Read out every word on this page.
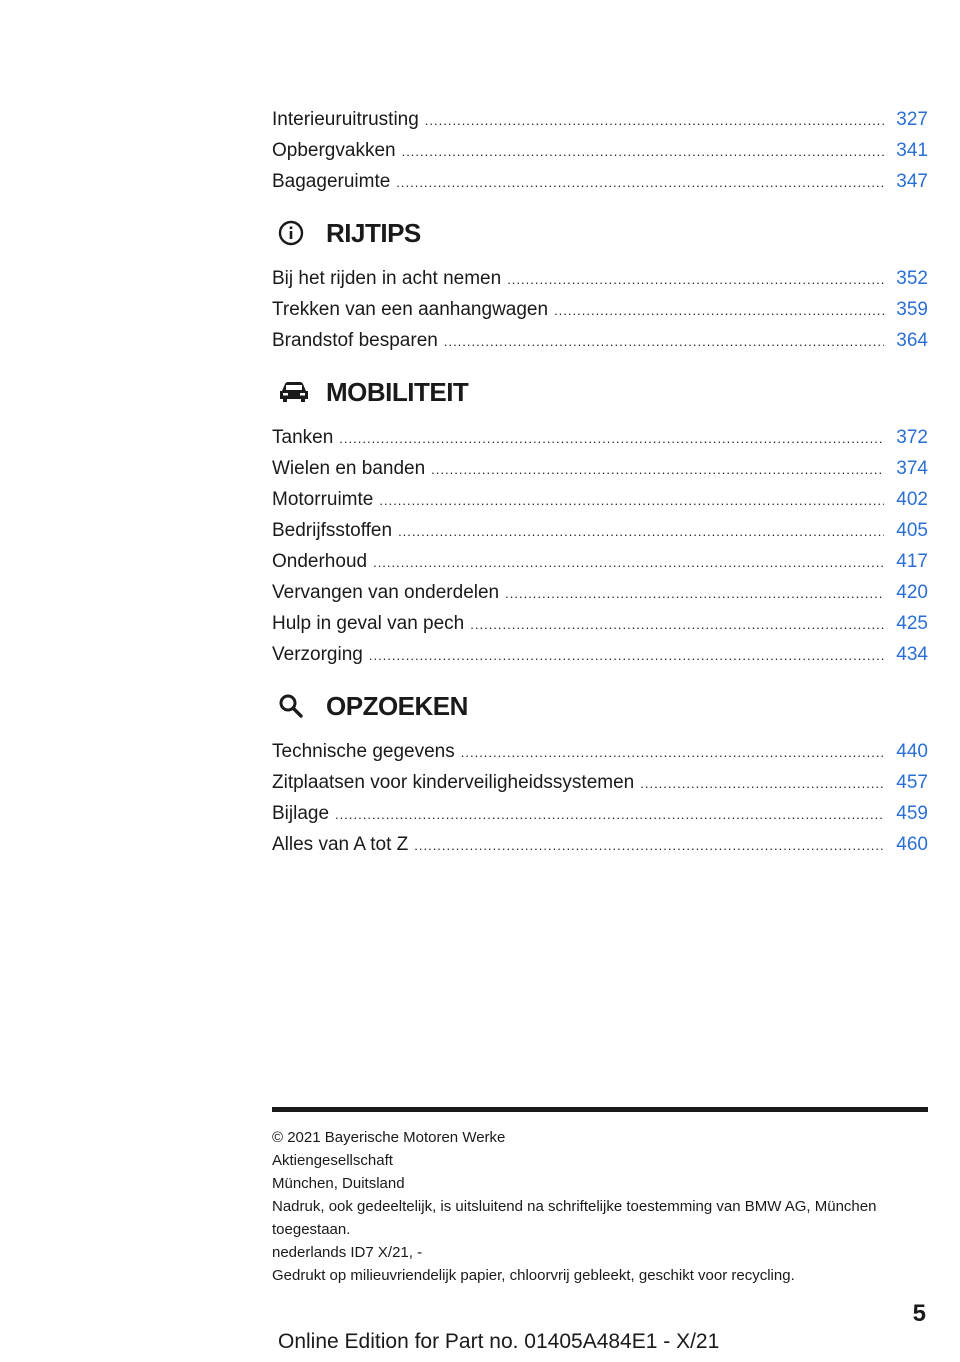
Interieuruitrusting .....	327
Opbergvakken .....	341
Bagageruimte .....	347
RIJTIPS
Bij het rijden in acht nemen .....	352
Trekken van een aanhangwagen .....	359
Brandstof besparen .....	364
MOBILITEIT
Tanken .....	372
Wielen en banden .....	374
Motorruimte .....	402
Bedrijfsstoffen .....	405
Onderhoud .....	417
Vervangen van onderdelen .....	420
Hulp in geval van pech .....	425
Verzorging .....	434
OPZOEKEN
Technische gegevens .....	440
Zitplaatsen voor kinderveiligheidssystemen .....	457
Bijlage .....	459
Alles van A tot Z .....	460
© 2021 Bayerische Motoren Werke
Aktiengesellschaft
München, Duitsland
Nadruk, ook gedeeltelijk, is uitsluitend na schriftelijke toestemming van BMW AG, München toegestaan.
nederlands ID7 X/21, -
Gedrukt op milieuvriendelijk papier, chloorvrij gebleekt, geschikt voor recycling.
5
Online Edition for Part no. 01405A484E1 - X/21
